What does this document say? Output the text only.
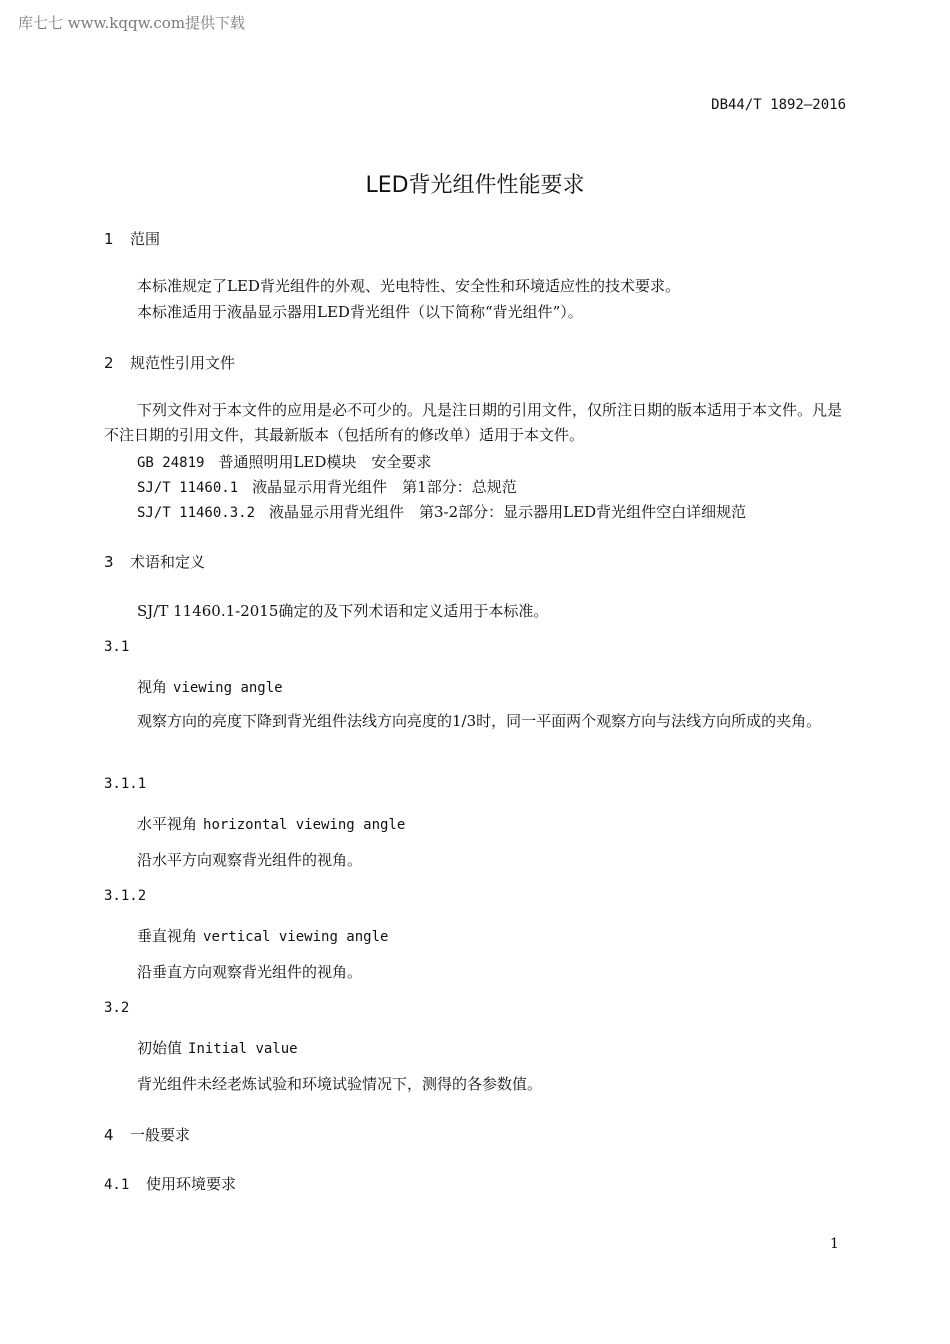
库七七 www.kqqw.com提供下载
DB44/T 1892—2016
LED背光组件性能要求
1 范围
本标准规定了LED背光组件的外观、光电特性、安全性和环境适应性的技术要求。
本标准适用于液晶显示器用LED背光组件（以下简称“背光组件”）。
2 规范性引用文件
下列文件对于本文件的应用是必不可少的。凡是注日期的引用文件，仅所注日期的版本适用于本文件。凡是不注日期的引用文件，其最新版本（包括所有的修改单）适用于本文件。
GB 24819 普通照明用LED模块　安全要求
SJ/T 11460.1 液晶显示用背光组件　第1部分：总规范
SJ/T 11460.3.2 液晶显示用背光组件　第3-2部分：显示器用LED背光组件空白详细规范
3 术语和定义
SJ/T 11460.1-2015确定的及下列术语和定义适用于本标准。
3.1
视角 viewing angle
观察方向的亮度下降到背光组件法线方向亮度的1/3时，同一平面两个观察方向与法线方向所成的夹角。
3.1.1
水平视角 horizontal viewing angle
沿水平方向观察背光组件的视角。
3.1.2
垂直视角 vertical viewing angle
沿垂直方向观察背光组件的视角。
3.2
初始值 Initial value
背光组件未经老炼试验和环境试验情况下，测得的各参数值。
4 一般要求
4.1 使用环境要求
1
